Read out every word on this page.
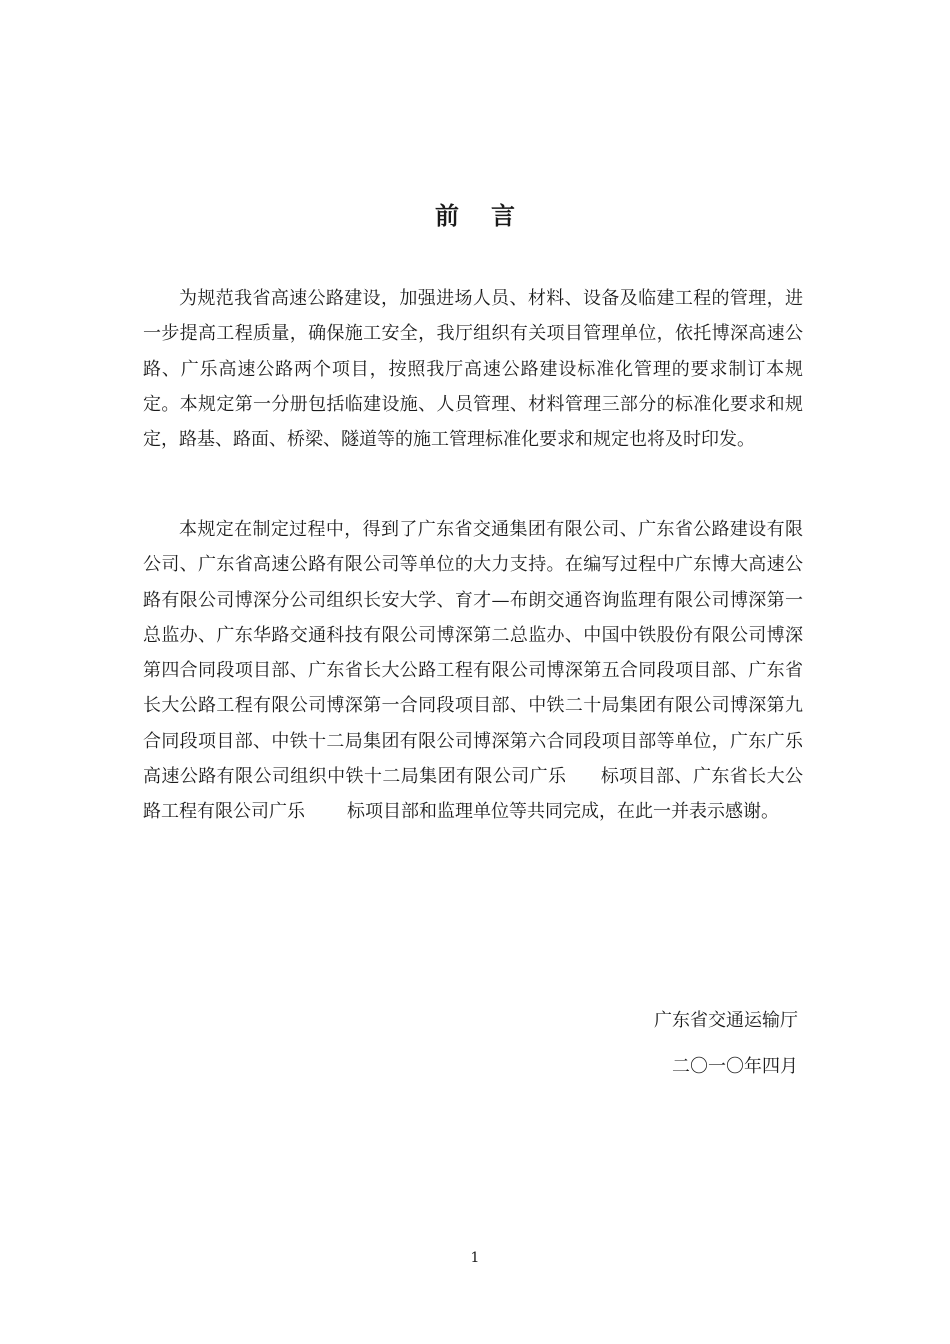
前言

为规范我省高速公路建设，加强进场人员、材料、设备及临建工程的管理，进一步提高工程质量，确保施工安全，我厅组织有关项目管理单位，依托博深高速公路、广乐高速公路两个项目，按照我厅高速公路建设标准化管理的要求制订本规定。本规定第一分册包括临建设施、人员管理、材料管理三部分的标准化要求和规定，路基、路面、桥梁、隧道等的施工管理标准化要求和规定也将及时印发。

本规定在制定过程中，得到了广东省交通集团有限公司、广东省公路建设有限公司、广东省高速公路有限公司等单位的大力支持。在编写过程中广东博大高速公路有限公司博深分公司组织长安大学、育才—布朗交通咨询监理有限公司博深第一总监办、广东华路交通科技有限公司博深第二总监办、中国中铁股份有限公司博深第四合同段项目部、广东省长大公路工程有限公司博深第五合同段项目部、广东省长大公路工程有限公司博深第一合同段项目部、中铁二十局集团有限公司博深第九合同段项目部、中铁十二局集团有限公司博深第六合同段项目部等单位，广东广乐高速公路有限公司组织中铁十二局集团有限公司广乐 标项目部、广东省长大公路工程有限公司广乐 标项目部和监理单位等共同完成，在此一并表示感谢。

广东省交通运输厅
二〇一〇年四月
1
